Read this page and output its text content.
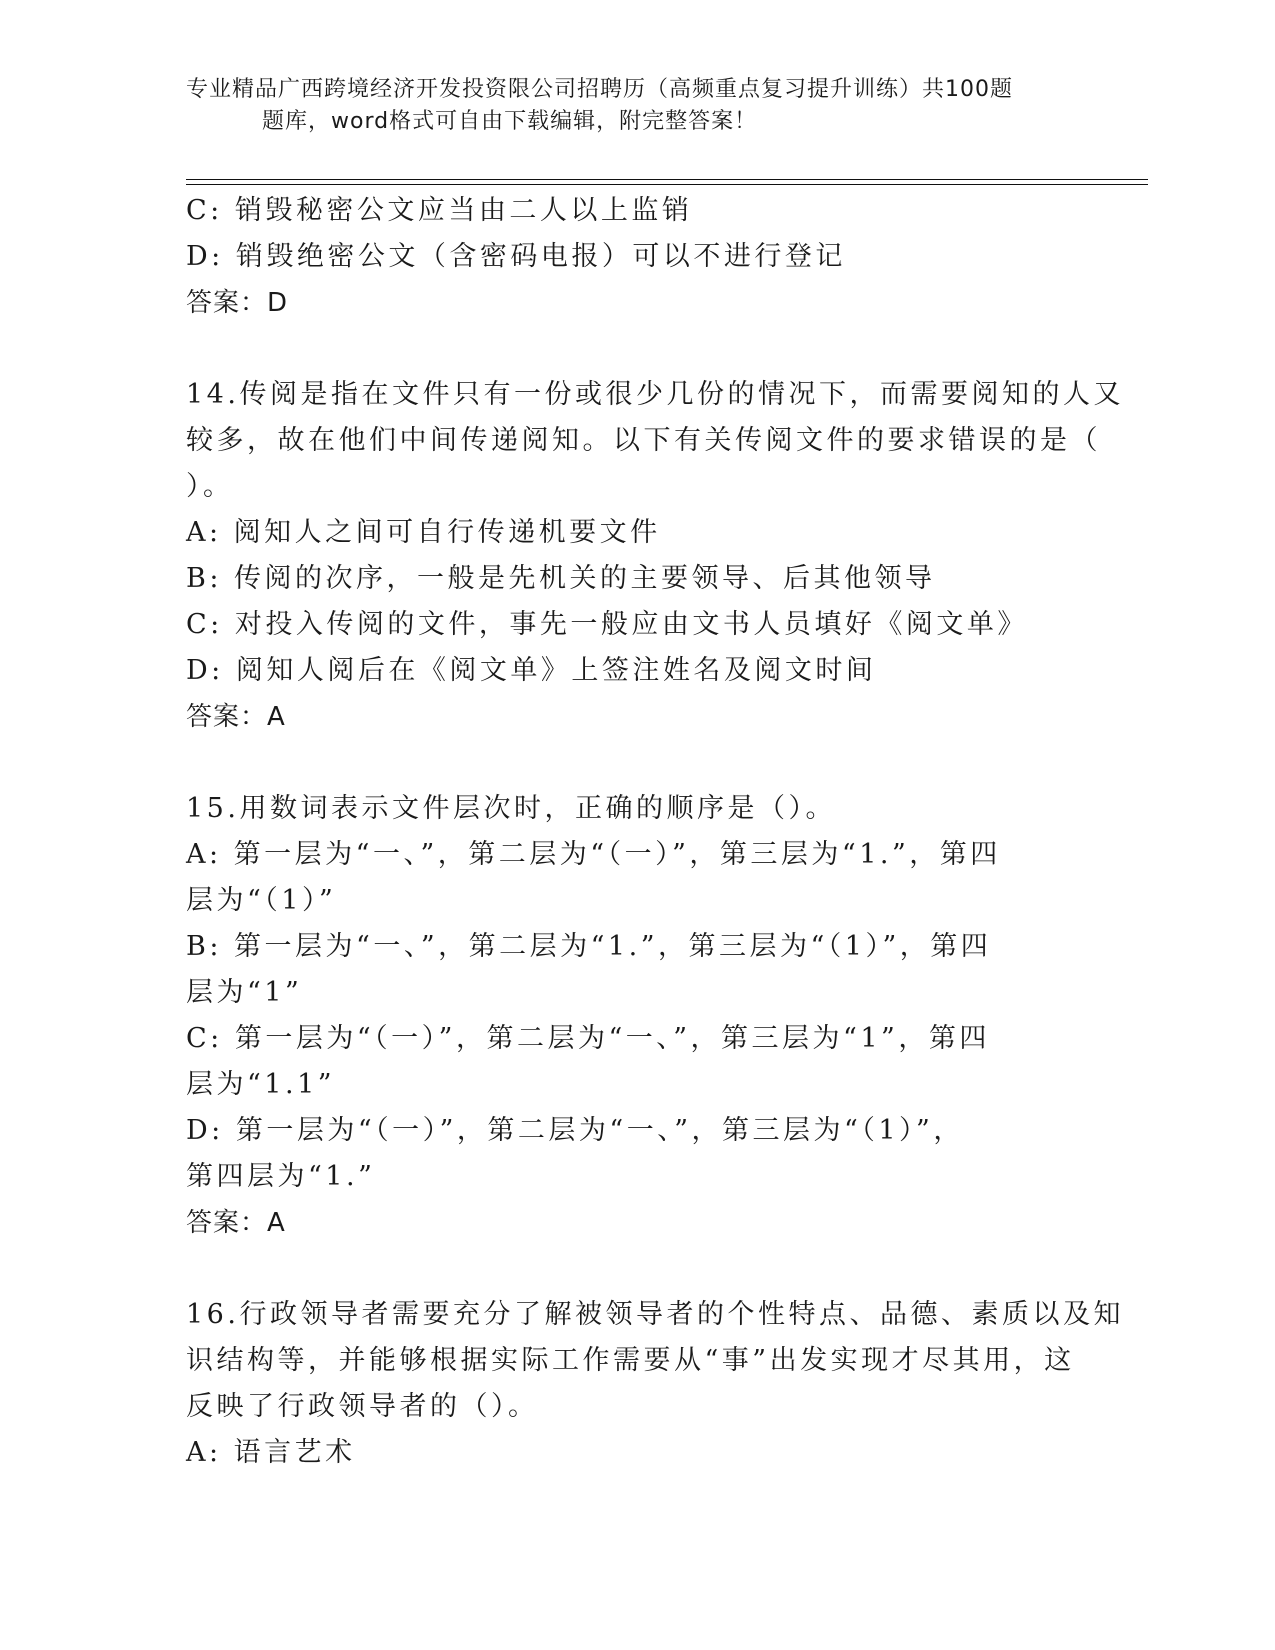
专业精品广西跨境经济开发投资限公司招聘历（高频重点复习提升训练）共100题
题库，word格式可自由下载编辑，附完整答案！
C: 销毁秘密公文应当由二人以上监销
D: 销毁绝密公文（含密码电报）可以不进行登记
答案：D
14.传阅是指在文件只有一份或很少几份的情况下，而需要阅知的人又
较多，故在他们中间传递阅知。以下有关传阅文件的要求错误的是（
）。
A: 阅知人之间可自行传递机要文件
B: 传阅的次序，一般是先机关的主要领导、后其他领导
C: 对投入传阅的文件，事先一般应由文书人员填好《阅文单》
D: 阅知人阅后在《阅文单》上签注姓名及阅文时间
答案：A
15.用数词表示文件层次时，正确的顺序是（）。
A: 第一层为“一、”，第二层为“（一）”，第三层为“1.”，第四
层为“（1）”
B: 第一层为“一、”，第二层为“1.”，第三层为“（1）”，第四
层为“1”
C: 第一层为“（一）”，第二层为“一、”，第三层为“1”，第四
层为“1.1”
D: 第一层为“（一）”，第二层为“一、”，第三层为“（1）”，
第四层为“1.”
答案：A
16.行政领导者需要充分了解被领导者的个性特点、品德、素质以及知
识结构等，并能够根据实际工作需要从“事”出发实现才尽其用，这
反映了行政领导者的（）。
A: 语言艺术
